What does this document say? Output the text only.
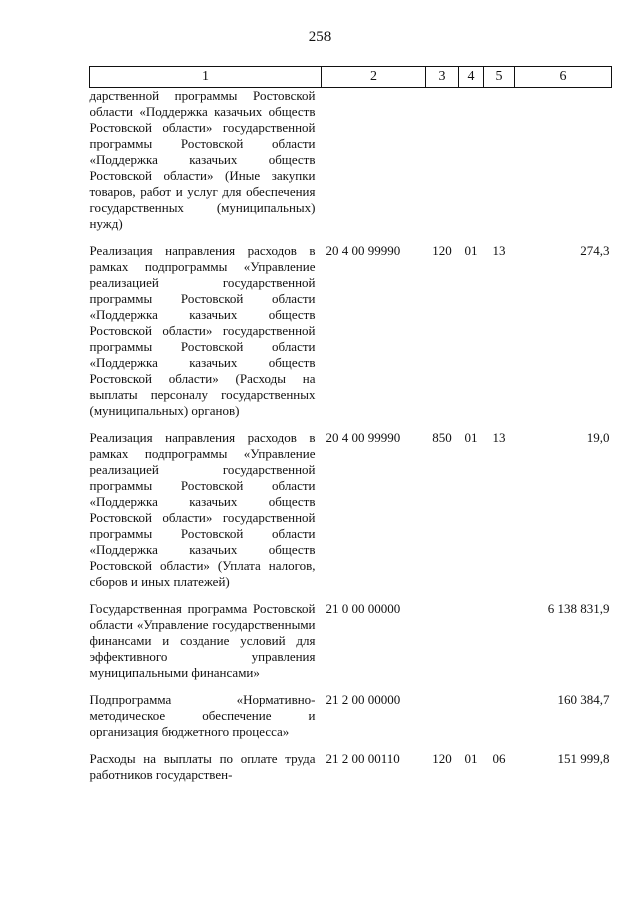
258
1	2	3	4	5	6
дарственной программы Ростовской области «Поддержка казачьих обществ Ростовской области» государственной программы Ростовской области «Поддержка казачьих обществ Ростовской области» (Иные закупки товаров, работ и услуг для обеспечения государственных (муниципальных) нужд)					
Реализация направления расходов в рамках подпрограммы «Управление реализацией государственной программы Ростовской области «Поддержка казачьих обществ Ростовской области» государственной программы Ростовской области «Поддержка казачьих обществ Ростовской области» (Расходы на выплаты персоналу государственных (муниципальных) органов)	20 4 00 99990	120	01	13	274,3
Реализация направления расходов в рамках подпрограммы «Управление реализацией государственной программы Ростовской области «Поддержка казачьих обществ Ростовской области» государственной программы Ростовской области «Поддержка казачьих обществ Ростовской области» (Уплата налогов, сборов и иных платежей)	20 4 00 99990	850	01	13	19,0
Государственная программа Ростовской области «Управление государственными финансами и создание условий для эффективного управления муниципальными финансами»	21 0 00 00000				6 138 831,9
Подпрограмма «Нормативно-методическое обеспечение и организация бюджетного процесса»	21 2 00 00000				160 384,7
Расходы на выплаты по оплате труда работников государствен-	21 2 00 00110	120	01	06	151 999,8
